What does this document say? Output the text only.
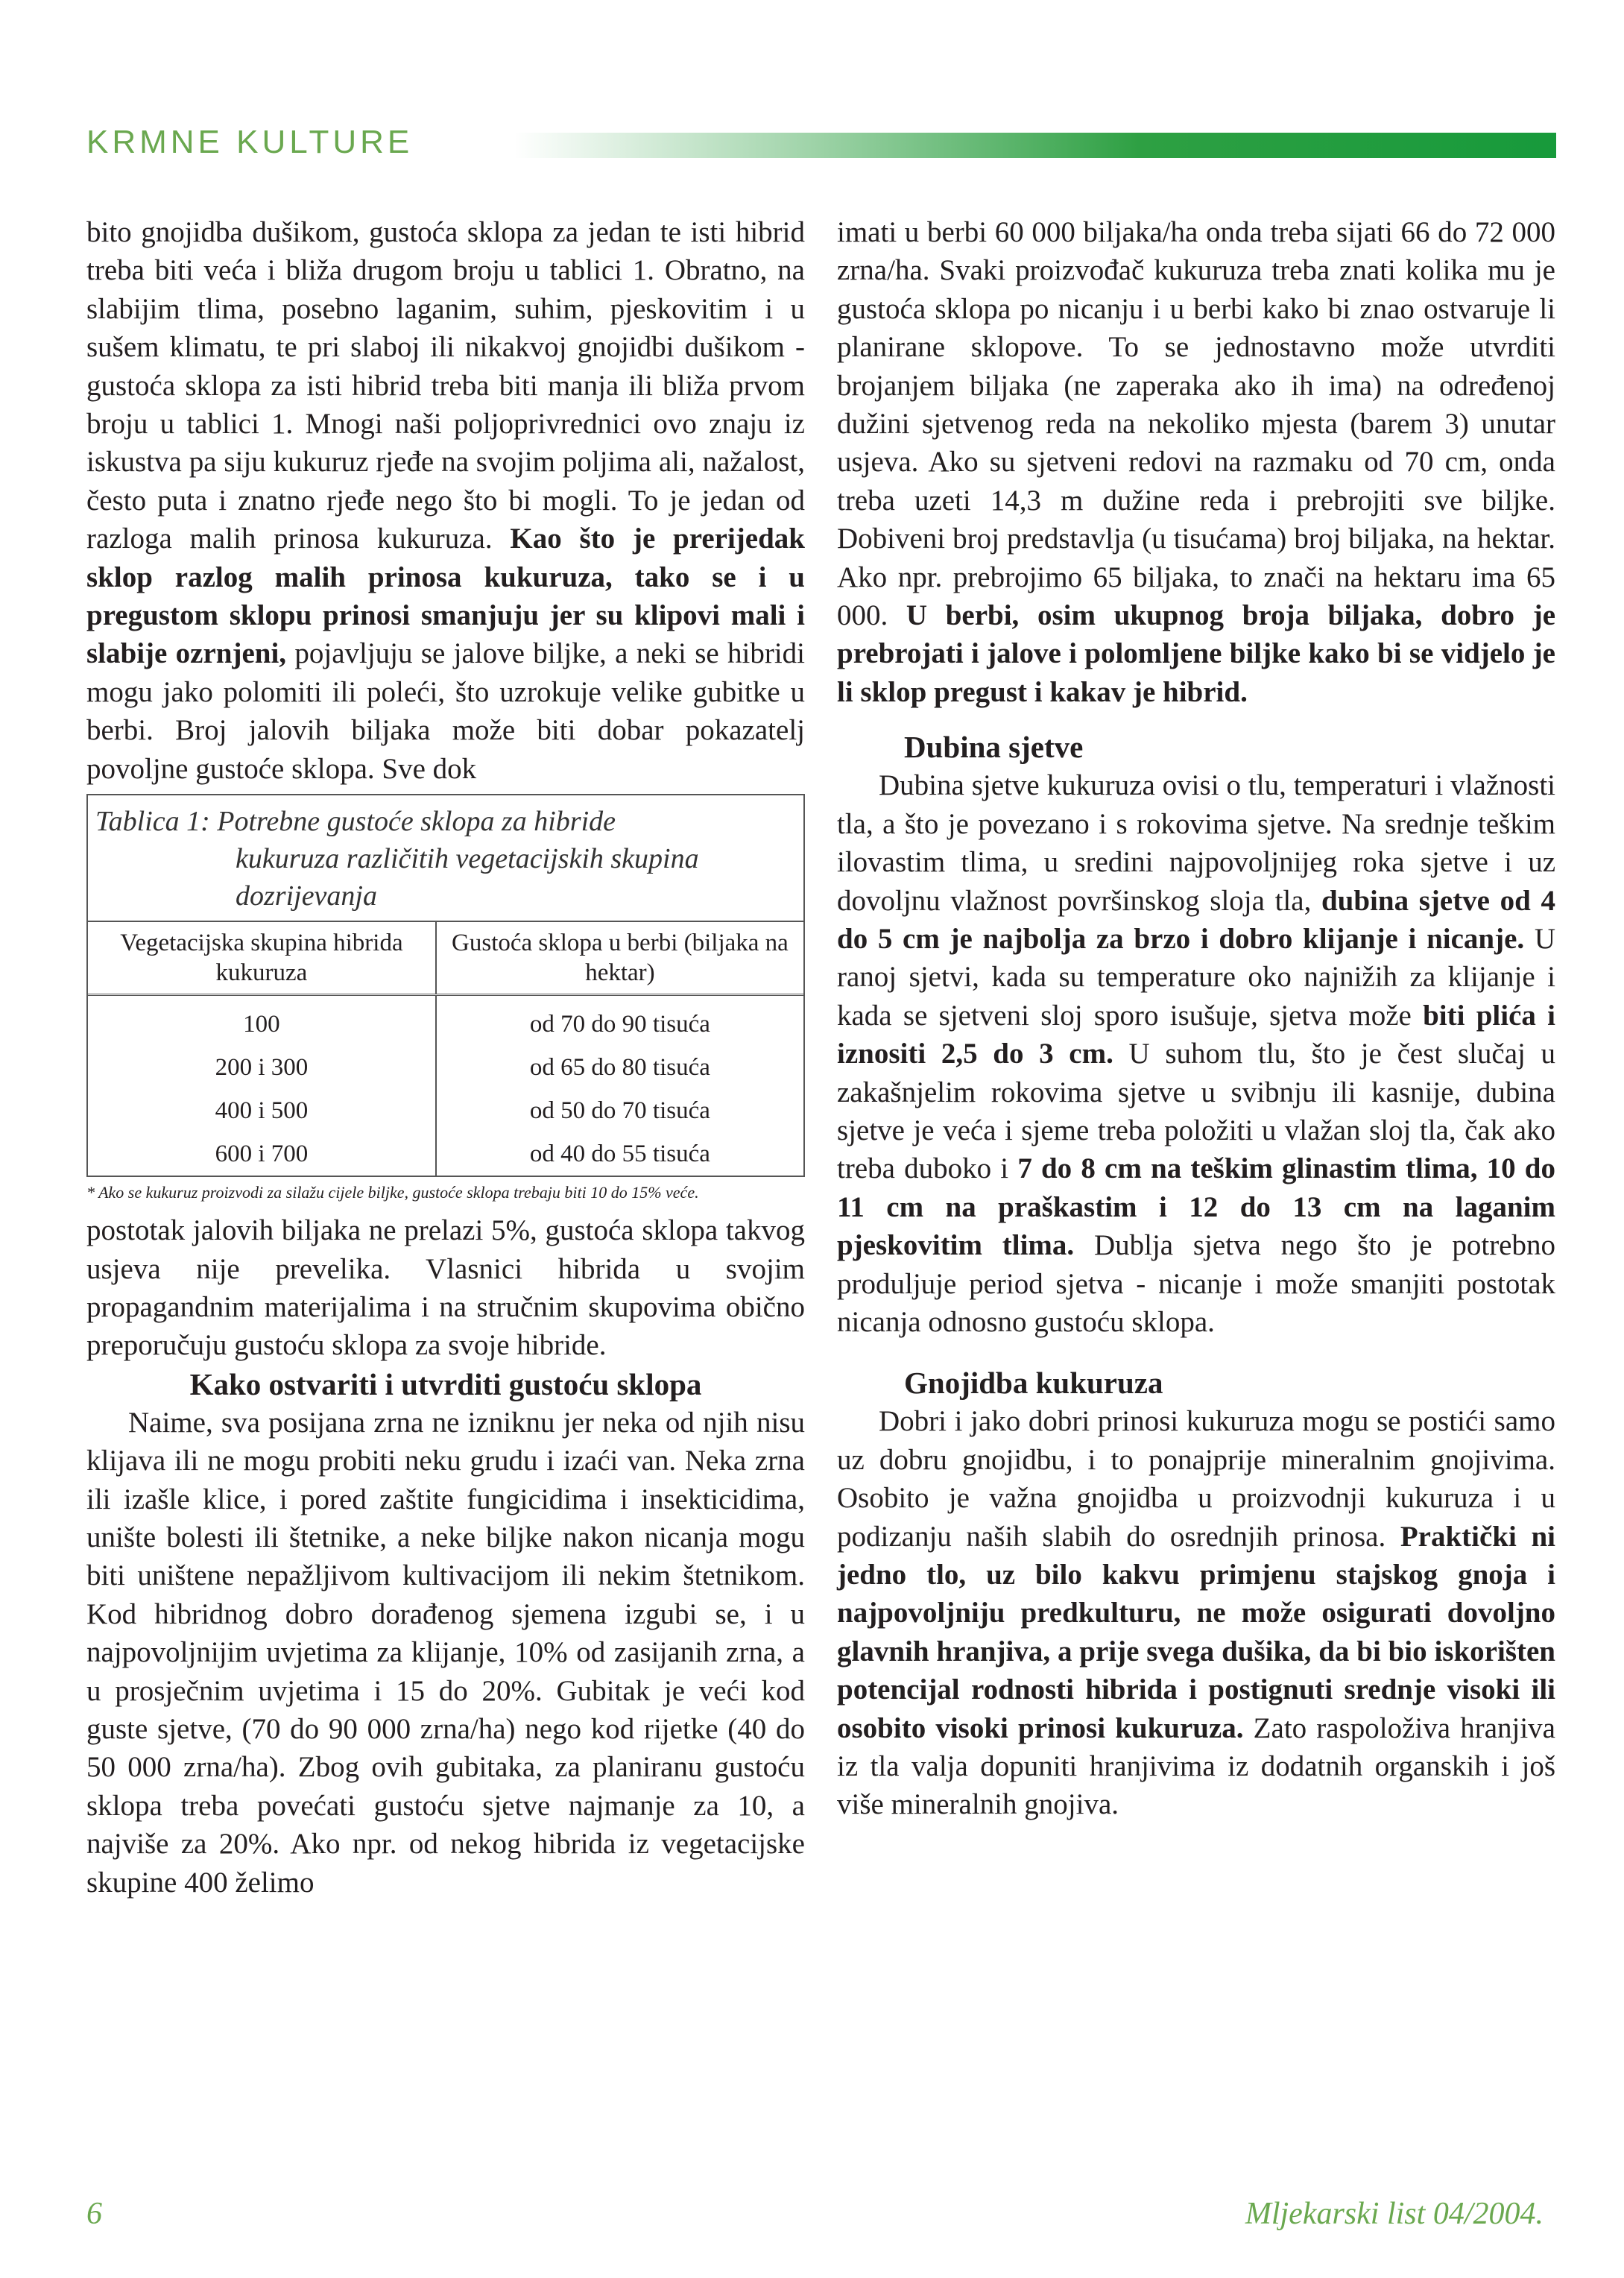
KRMNE KULTURE

bito gnojidba dušikom, gustoća sklopa za jedan te isti hibrid treba biti veća i bliža drugom broju u tablici 1. Obratno, na slabijim tlima, posebno laganim, suhim, pjeskovitim i u sušem klimatu, te pri slaboj ili nikakvoj gnojidbi dušikom - gustoća sklopa za isti hibrid treba biti manja ili bliža prvom broju u tablici 1. Mnogi naši poljoprivrednici ovo znaju iz iskustva pa siju kukuruz rjeđe na svojim poljima ali, nažalost, često puta i znatno rjeđe nego što bi mogli. To je jedan od razloga malih prinosa kukuruza. Kao što je prerijedak sklop razlog malih prinosa kukuruza, tako se i u pregustom sklopu prinosi smanjuju jer su klipovi mali i slabije ozrnjeni, pojavljuju se jalove biljke, a neki se hibridi mogu jako polomiti ili poleći, što uzrokuje velike gubitke u berbi. Broj jalovih biljaka može biti dobar pokazatelj povoljne gustoće sklopa. Sve dok

Tablica 1: Potrebne gustoće sklopa za hibride
kukuruza različitih vegetacijskih skupina dozrijevanja
Vegetacijska skupina hibrida kukuruza	Gustoća sklopa u berbi (biljaka na hektar)
100	od 70 do 90 tisuća
200 i 300	od 65 do 80 tisuća
400 i 500	od 50 do 70 tisuća
600 i 700	od 40 do 55 tisuća
* Ako se kukuruz proizvodi za silažu cijele biljke, gustoće sklopa trebaju biti 10 do 15% veće.

postotak jalovih biljaka ne prelazi 5%, gustoća sklopa takvog usjeva nije prevelika. Vlasnici hibrida u svojim propagandnim materijalima i na stručnim skupovima obično preporučuju gustoću sklopa za svoje hibride.

Kako ostvariti i utvrditi gustoću sklopa

Naime, sva posijana zrna ne izniknu jer neka od njih nisu klijava ili ne mogu probiti neku grudu i izaći van. Neka zrna ili izašle klice, i pored zaštite fungicidima i insekticidima, unište bolesti ili štetnike, a neke biljke nakon nicanja mogu biti uništene nepažljivom kultivacijom ili nekim štetnikom. Kod hibridnog dobro dorađenog sjemena izgubi se, i u najpovoljnijim uvjetima za klijanje, 10% od zasijanih zrna, a u prosječnim uvjetima i 15 do 20%. Gubitak je veći kod guste sjetve, (70 do 90 000 zrna/ha) nego kod rijetke (40 do 50 000 zrna/ha). Zbog ovih gubitaka, za planiranu gustoću sklopa treba povećati gustoću sjetve najmanje za 10, a najviše za 20%. Ako npr. od nekog hibrida iz vegetacijske skupine 400 želimo

imati u berbi 60 000 biljaka/ha onda treba sijati 66 do 72 000 zrna/ha. Svaki proizvođač kukuruza treba znati kolika mu je gustoća sklopa po nicanju i u berbi kako bi znao ostvaruje li planirane sklopove. To se jednostavno može utvrditi brojanjem biljaka (ne zaperaka ako ih ima) na određenoj dužini sjetvenog reda na nekoliko mjesta (barem 3) unutar usjeva. Ako su sjetveni redovi na razmaku od 70 cm, onda treba uzeti 14,3 m dužine reda i prebrojiti sve biljke. Dobiveni broj predstavlja (u tisućama) broj biljaka, na hektar. Ako npr. prebrojimo 65 biljaka, to znači na hektaru ima 65 000. U berbi, osim ukupnog broja biljaka, dobro je prebrojati i jalove i polomljene biljke kako bi se vidjelo je li sklop pregust i kakav je hibrid.

Dubina sjetve

Dubina sjetve kukuruza ovisi o tlu, temperaturi i vlažnosti tla, a što je povezano i s rokovima sjetve. Na srednje teškim ilovastim tlima, u sredini najpovoljnijeg roka sjetve i uz dovoljnu vlažnost površinskog sloja tla, dubina sjetve od 4 do 5 cm je najbolja za brzo i dobro klijanje i nicanje. U ranoj sjetvi, kada su temperature oko najnižih za klijanje i kada se sjetveni sloj sporo isušuje, sjetva može biti plića i iznositi 2,5 do 3 cm. U suhom tlu, što je čest slučaj u zakašnjelim rokovima sjetve u svibnju ili kasnije, dubina sjetve je veća i sjeme treba položiti u vlažan sloj tla, čak ako treba duboko i 7 do 8 cm na teškim glinastim tlima, 10 do 11 cm na praškastim i 12 do 13 cm na laganim pjeskovitim tlima. Dublja sjetva nego što je potrebno produljuje period sjetva - nicanje i može smanjiti postotak nicanja odnosno gustoću sklopa.

Gnojidba kukuruza

Dobri i jako dobri prinosi kukuruza mogu se postići samo uz dobru gnojidbu, i to ponajprije mineralnim gnojivima. Osobito je važna gnojidba u proizvodnji kukuruza i u podizanju naših slabih do osrednjih prinosa. Praktički ni jedno tlo, uz bilo kakvu primjenu stajskog gnoja i najpovoljniju predkulturu, ne može osigurati dovoljno glavnih hranjiva, a prije svega dušika, da bi bio iskorišten potencijal rodnosti hibrida i postignuti srednje visoki ili osobito visoki prinosi kukuruza. Zato raspoloživa hranjiva iz tla valja dopuniti hranjivima iz dodatnih organskih i još više mineralnih gnojiva.

6	Mljekarski list 04/2004.
